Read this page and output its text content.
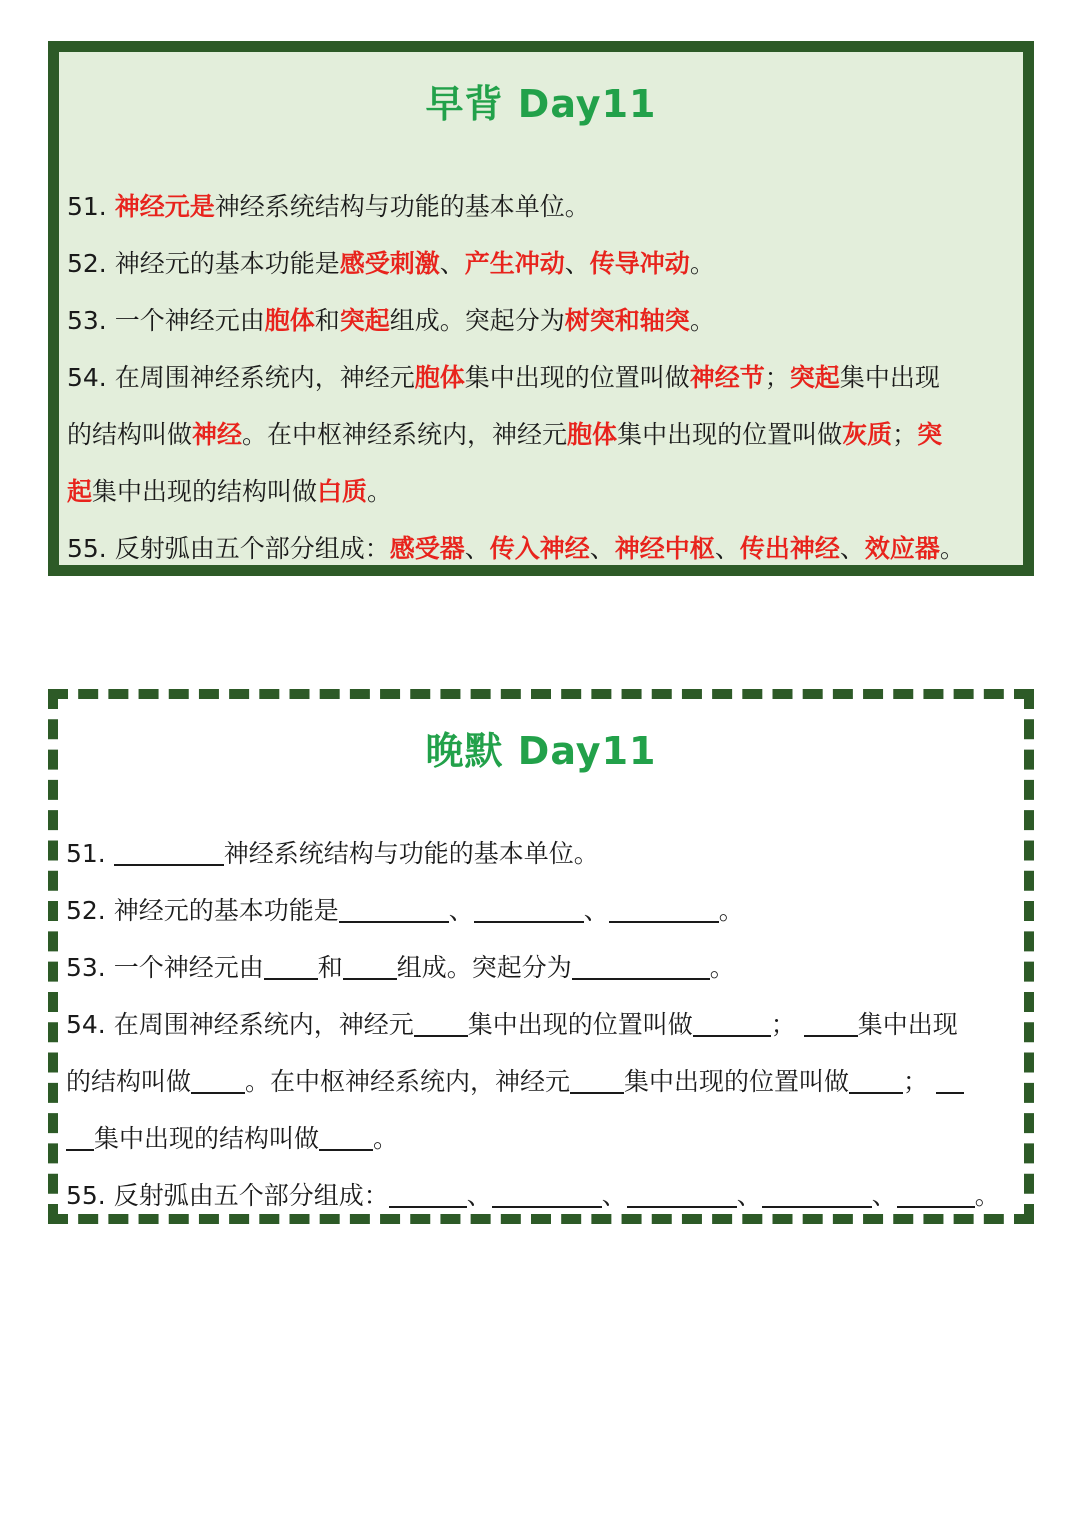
早背 Day11
51. 神经元是神经系统结构与功能的基本单位。
52. 神经元的基本功能是感受刺激、产生冲动、传导冲动。
53. 一个神经元由胞体和突起组成。突起分为树突和轴突。
54. 在周围神经系统内，神经元胞体集中出现的位置叫做神经节；突起集中出现
的结构叫做神经。在中枢神经系统内，神经元胞体集中出现的位置叫做灰质；突
起集中出现的结构叫做白质。
55. 反射弧由五个部分组成：感受器、传入神经、神经中枢、传出神经、效应器。
晚默 Day11
51.	神经系统结构与功能的基本单位。
52. 神经元的基本功能是	、	、	。
53. 一个神经元由 和 组成。突起分为	。
54. 在周围神经系统内，神经元 集中出现的位置叫做	； 集中出现
的结构叫做 。在中枢神经系统内，神经元 集中出现的位置叫做 ；
集中出现的结构叫做 。
55. 反射弧由五个部分组成：	、	、	、	、	。
